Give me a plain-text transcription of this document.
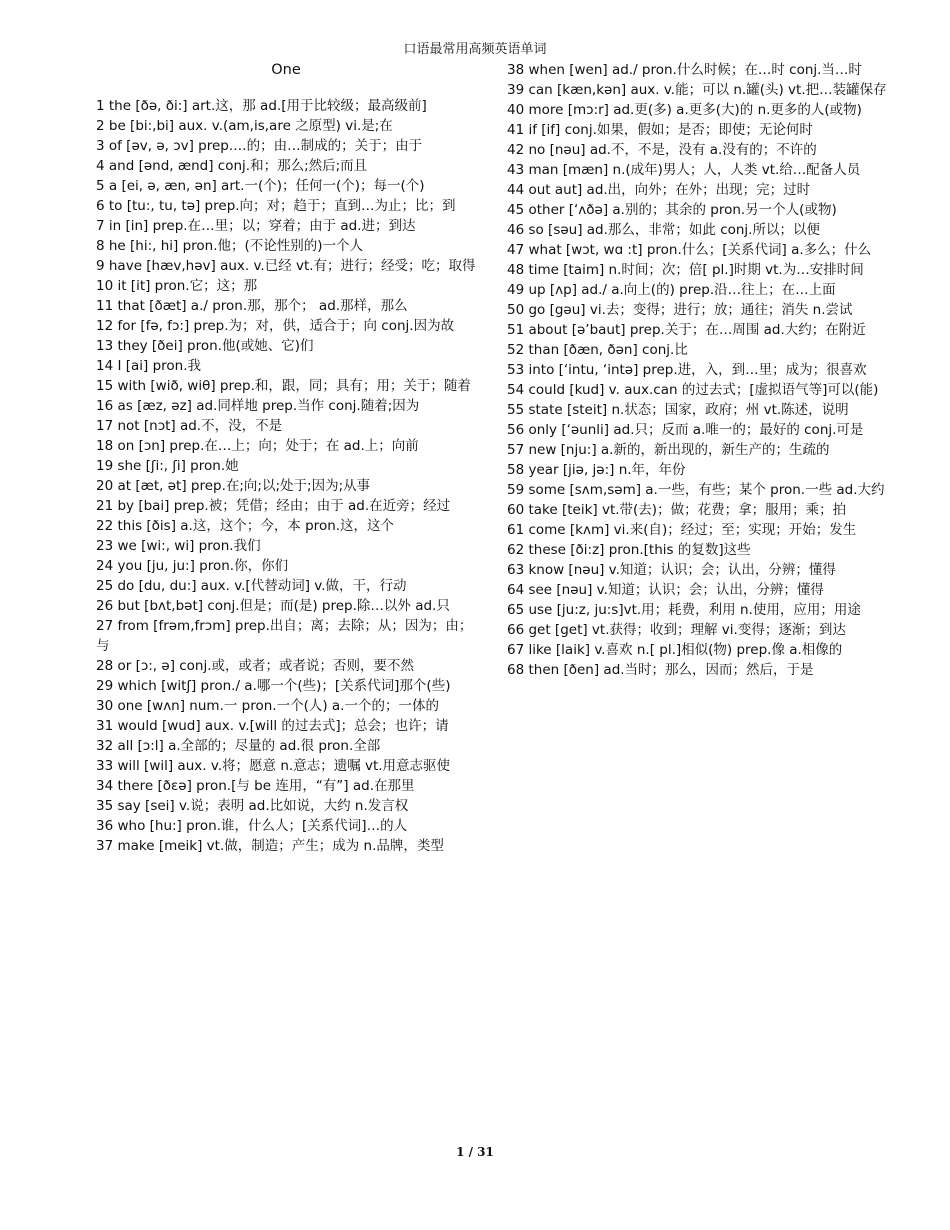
口语最常用高频英语单词
One
1 the [ðə, ði:] art.这，那 ad.[用于比较级；最高级前]
2 be [bi:,bi] aux. v.(am,is,are 之原型) vi.是;在
3 of [əv, ə, ɔv] prep.…的；由…制成的；关于；由于
4 and [ənd, ænd] conj.和；那么;然后;而且
5 a [ei, ə, æn, ən] art.一(个)；任何一(个)；每一(个)
6 to [tu:, tu, tə] prep.向；对；趋于；直到…为止；比；到
7 in [in] prep.在…里；以；穿着；由于 ad.进；到达
8 he [hi:, hi] pron.他；(不论性别的)一个人
9 have [hæv,həv] aux. v.已经 vt.有；进行；经受；吃；取得
10 it [it] pron.它；这；那
11 that [ðæt] a./ pron.那，那个； ad.那样，那么
12 for [fə, fɔ:] prep.为；对，供，适合于；向 conj.因为故
13 they [ðei] pron.他(或她、它)们
14 I [ai] pron.我
15 with [wið, wiθ] prep.和，跟，同；具有；用；关于；随着
16 as [æz, əz] ad.同样地 prep.当作 conj.随着;因为
17 not [nɔt] ad.不，没，不是
18 on [ɔn] prep.在…上；向；处于；在 ad.上；向前
19 she [ʃi:, ʃi] pron.她
20 at [æt, ət] prep.在;向;以;处于;因为;从事
21 by [bai] prep.被；凭借；经由；由于 ad.在近旁；经过
22 this [ðis] a.这，这个；今，本 pron.这，这个
23 we [wi:, wi] pron.我们
24 you [ju, ju:] pron.你，你们
25 do [du, du:] aux. v.[代替动词] v.做，干，行动
26 but [bʌt,bət] conj.但是；而(是) prep.除…以外 ad.只
27 from [frəm,frɔm] prep.出自；离；去除；从；因为；由；与
28 or [ɔ:, ə] conj.或，或者；或者说；否则，要不然
29 which [witʃ] pron./ a.哪一个(些)；[关系代词]那个(些)
30 one [wʌn] num.一 pron.一个(人) a.一个的；一体的
31 would [wud] aux. v.[will 的过去式]；总会；也许；请
32 all [ɔ:l] a.全部的；尽量的 ad.很 pron.全部
33 will [wil] aux. v.将；愿意 n.意志；遗嘱 vt.用意志驱使
34 there [ðɛə] pron.[与 be 连用，“有”] ad.在那里
35 say [sei] v.说；表明 ad.比如说，大约 n.发言权
36 who [hu:] pron.谁，什么人；[关系代词]…的人
37 make [meik] vt.做，制造；产生；成为 n.品牌，类型
38 when [wen] ad./ pron.什么时候；在…时 conj.当…时
39 can [kæn,kən] aux. v.能；可以 n.罐(头) vt.把…装罐保存
40 more [mɔ:r] ad.更(多) a.更多(大)的 n.更多的人(或物)
41 if [if] conj.如果，假如；是否；即使；无论何时
42 no [nəu] ad.不，不是，没有 a.没有的；不许的
43 man [mæn] n.(成年)男人；人，人类 vt.给…配备人员
44 out aut] ad.出，向外；在外；出现；完；过时
45 other [‘ʌðə] a.别的；其余的 pron.另一个人(或物)
46 so [səu] ad.那么，非常；如此 conj.所以；以便
47 what [wɔt, wɑ :t] pron.什么；[关系代词] a.多么；什么
48 time [taim] n.时间；次；倍[ pl.]时期 vt.为…安排时间
49 up [ʌp] ad./ a.向上(的) prep.沿…往上；在…上面
50 go [gəu] vi.去；变得；进行；放；通往；消失 n.尝试
51 about [ə’baut] prep.关于；在…周围 ad.大约；在附近
52 than [ðæn, ðən] conj.比
53 into [‘intu, ‘intə] prep.进，入，到…里；成为；很喜欢
54 could [kud] v. aux.can 的过去式；[虚拟语气等]可以(能)
55 state [steit] n.状态；国家，政府；州 vt.陈述，说明
56 only [‘əunli] ad.只；反而 a.唯一的；最好的 conj.可是
57 new [nju:] a.新的，新出现的，新生产的；生疏的
58 year [jiə, jə:] n.年，年份
59 some [sʌm,səm] a.一些，有些；某个 pron.一些 ad.大约
60 take [teik] vt.带(去)；做；花费；拿；服用；乘；拍
61 come [kʌm] vi.来(自)；经过；至；实现；开始；发生
62 these [ði:z] pron.[this 的复数]这些
63 know [nəu] v.知道；认识；会；认出，分辨；懂得
64 see [nəu] v.知道；认识；会；认出，分辨；懂得
65 use [ju:z, ju:s]vt.用；耗费，利用 n.使用，应用；用途
66 get [get] vt.获得；收到；理解 vi.变得；逐渐；到达
67 like [laik] v.喜欢 n.[ pl.]相似(物) prep.像 a.相像的
68 then [ðen] ad.当时；那么，因而；然后，于是
1 / 31
